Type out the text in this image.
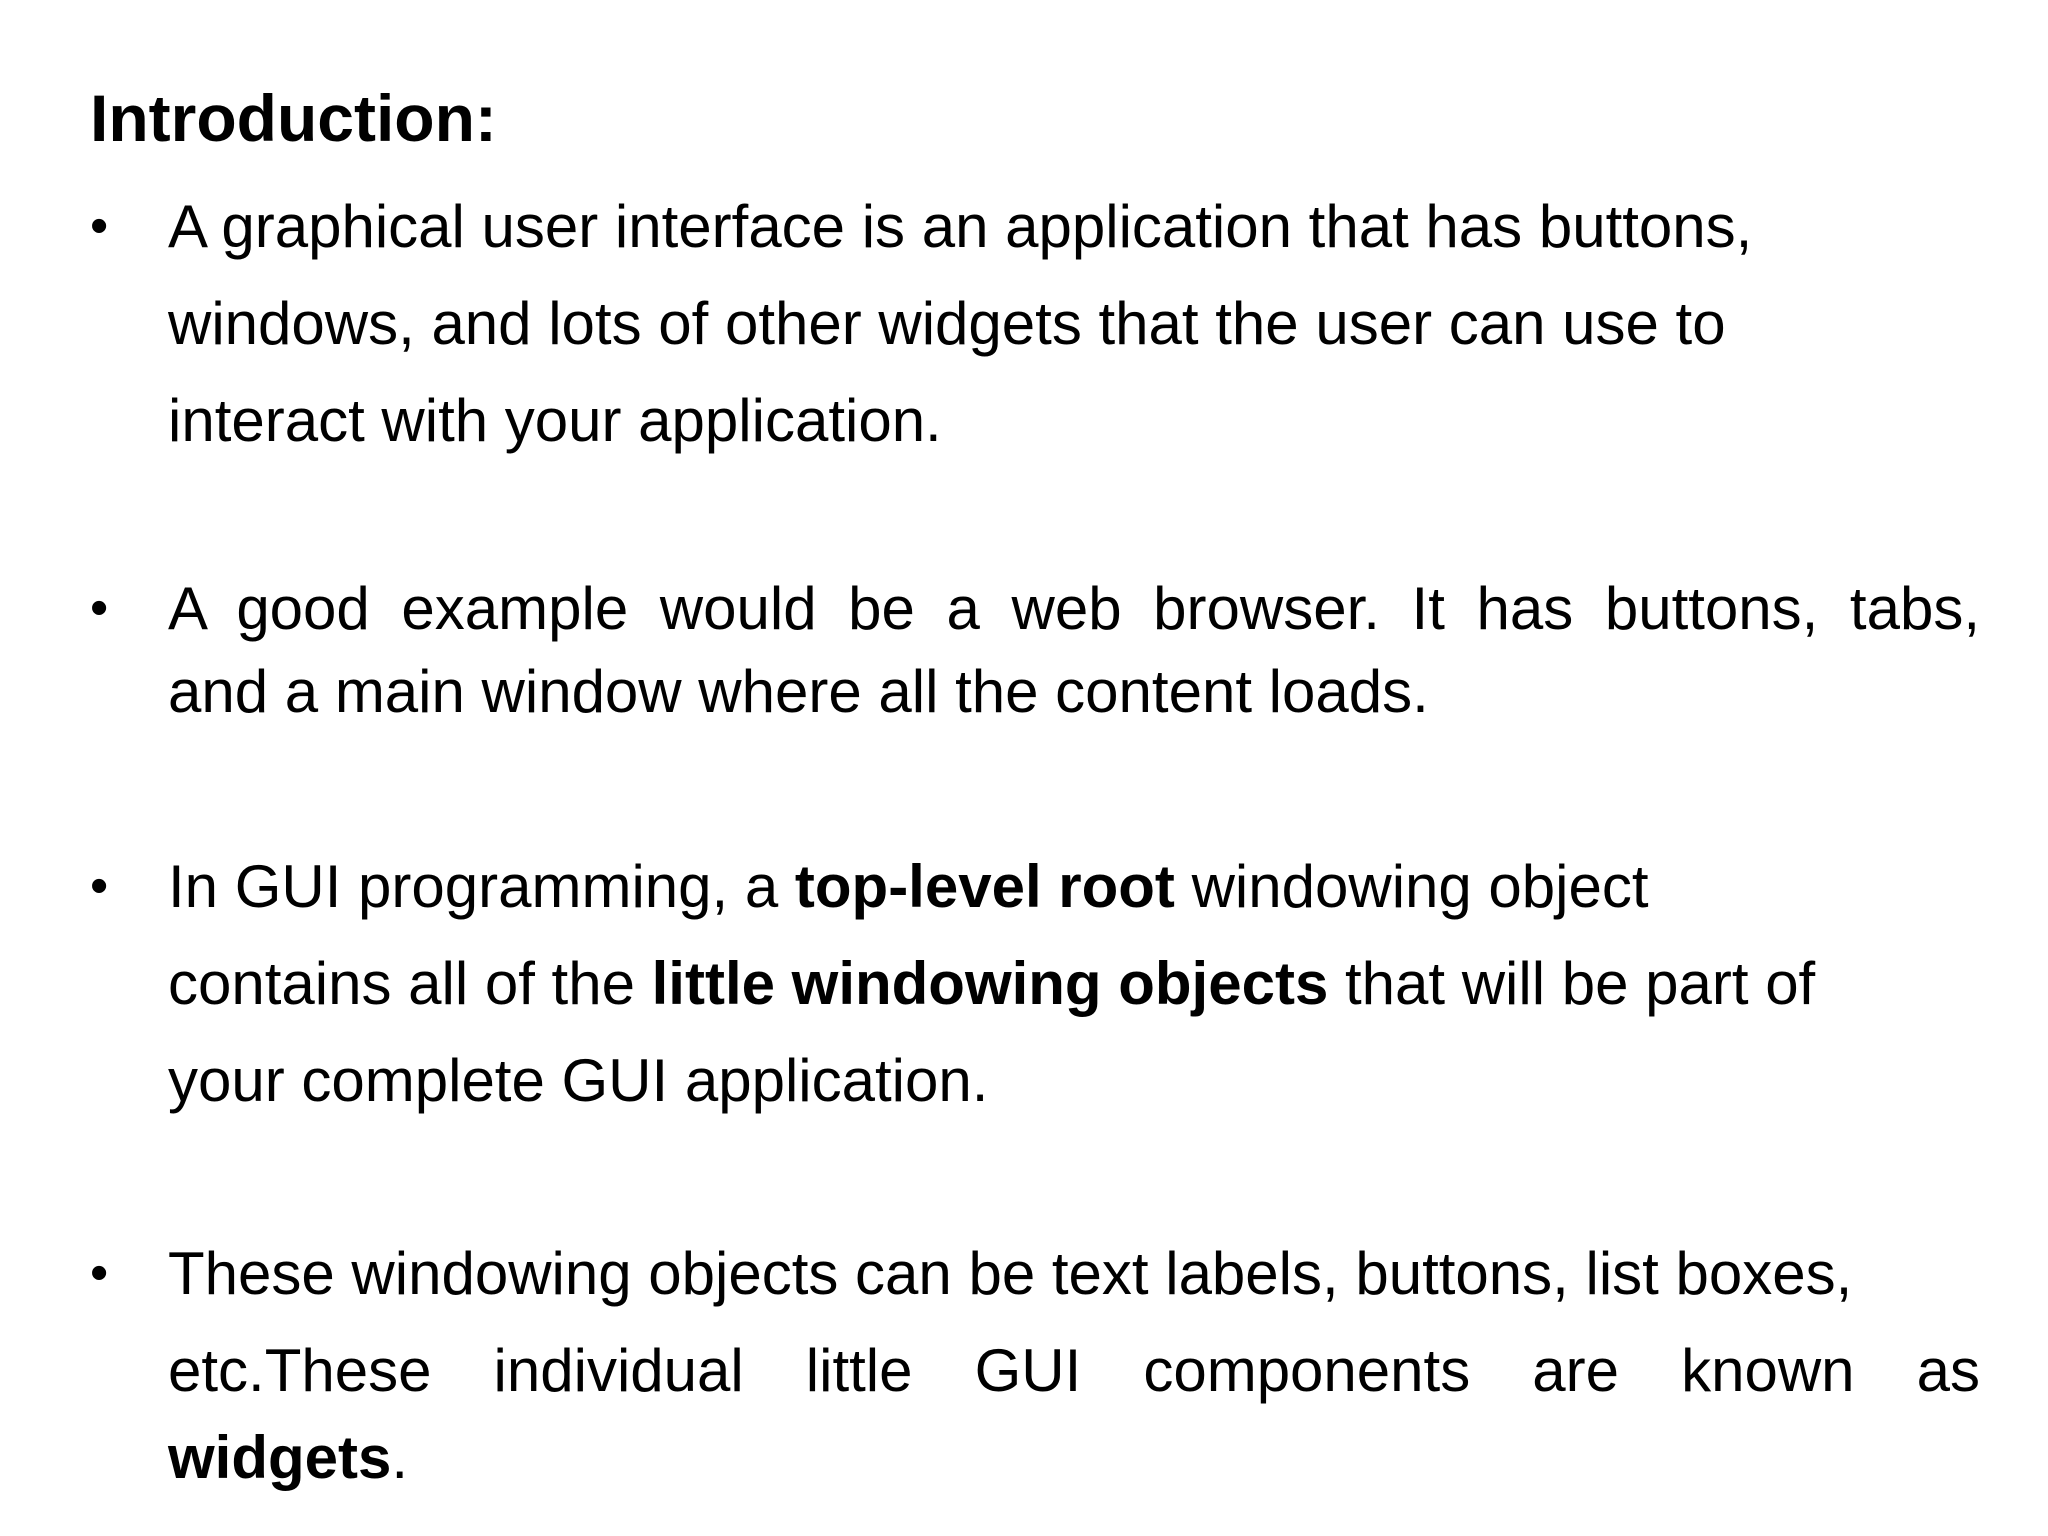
Introduction:
• A graphical user interface is an application that has buttons,
windows, and lots of other widgets that the user can use to
interact with your application.
• A good example would be a web browser. It has buttons, tabs,
and a main window where all the content loads.
• In GUI programming, a top-level root windowing object
contains all of the little windowing objects that will be part of
your complete GUI application.
• These windowing objects can be text labels, buttons, list boxes,
etc.These individual little GUI components are known as
widgets.
